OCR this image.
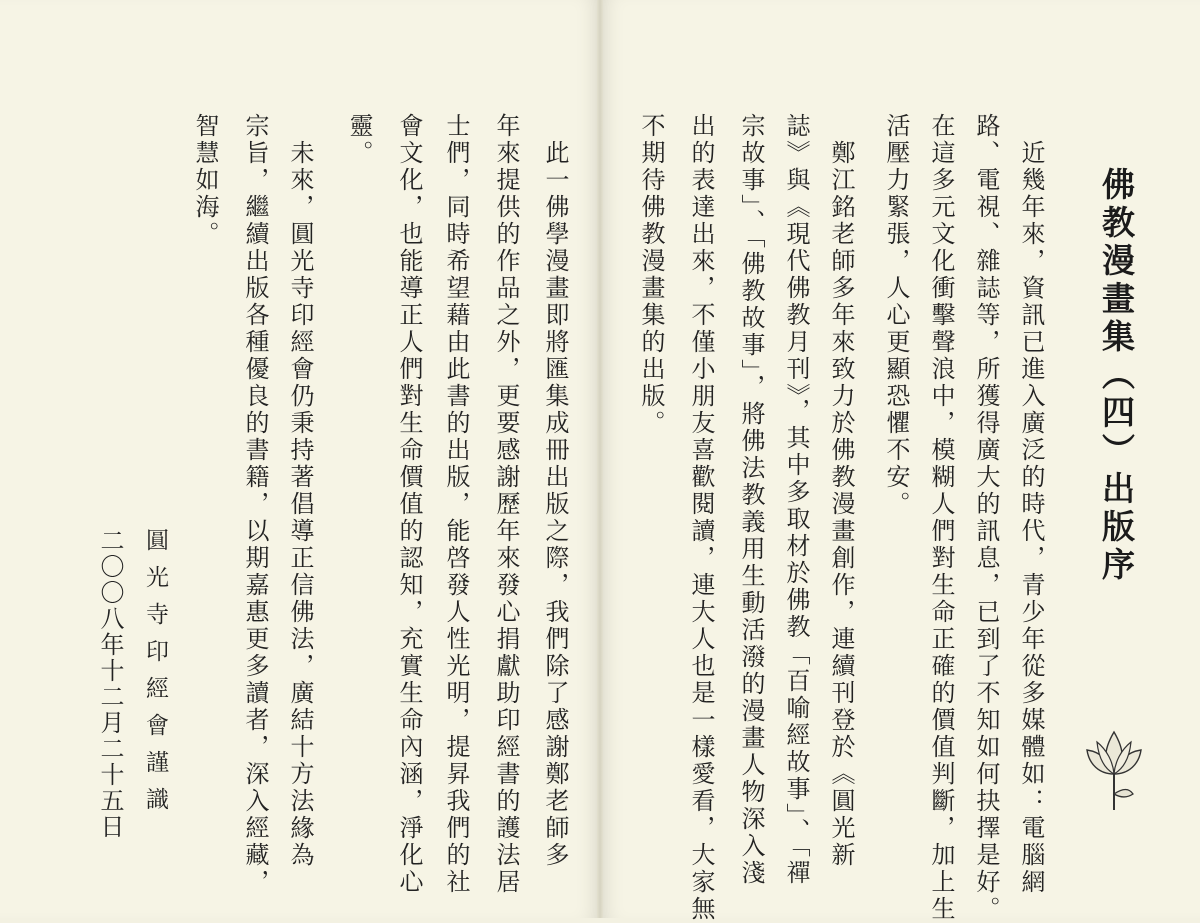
佛教漫畫集（四）出版序
近幾年來，資訊已進入廣泛的時代，青少年從多媒體如：電腦網
路、電視、雜誌等，所獲得廣大的訊息，已到了不知如何抉擇是好。
在這多元文化衝擊聲浪中，模糊人們對生命正確的價值判斷，加上生
活壓力緊張，人心更顯恐懼不安。
鄭江銘老師多年來致力於佛教漫畫創作，連續刊登於《圓光新
誌》與《現代佛教月刊》，其中多取材於佛教「百喻經故事」、「禪
宗故事」、「佛教故事」，將佛法教義用生動活潑的漫畫人物深入淺
出的表達出來，不僅小朋友喜歡閱讀，連大人也是一樣愛看，大家無
不期待佛教漫畫集的出版。
此一佛學漫畫即將匯集成冊出版之際，我們除了感謝鄭老師多
年來提供的作品之外，更要感謝歷年來發心捐獻助印經書的護法居
士們，同時希望藉由此書的出版，能啓發人性光明，提昇我們的社
會文化，也能導正人們對生命價值的認知，充實生命內涵，淨化心
靈。
未來，圓光寺印經會仍秉持著倡導正信佛法，廣結十方法緣為
宗旨，繼續出版各種優良的書籍，以期嘉惠更多讀者，深入經藏，
智慧如海。
圓光寺印經會謹識
二〇〇八年十二月二十五日
